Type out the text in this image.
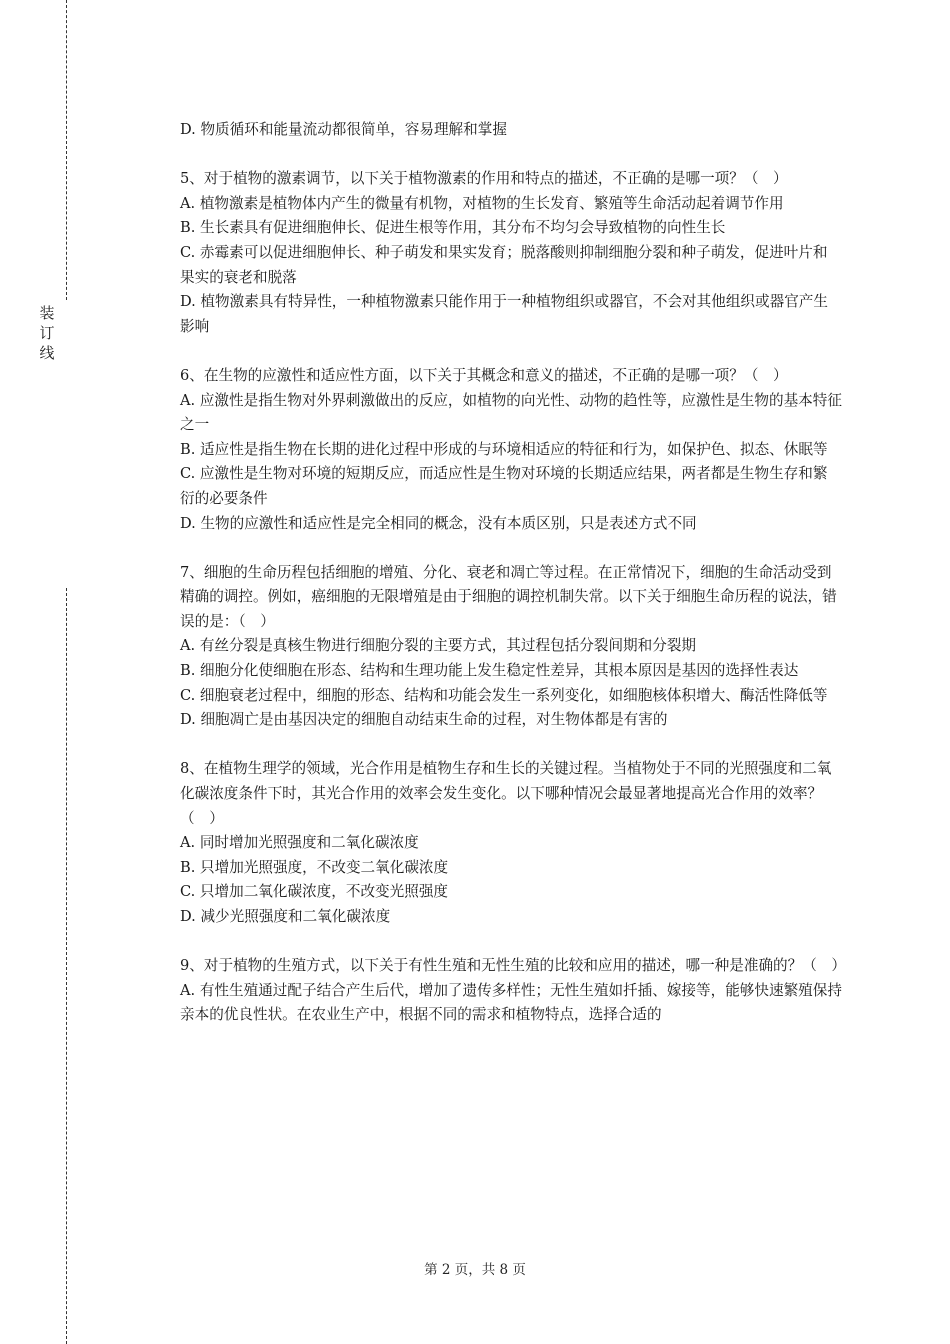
装
订
线

D. 物质循环和能量流动都很简单，容易理解和掌握

5、对于植物的激素调节，以下关于植物激素的作用和特点的描述，不正确的是哪一项？（　）

A. 植物激素是植物体内产生的微量有机物，对植物的生长发育、繁殖等生命活动起着调节作用

B. 生长素具有促进细胞伸长、促进生根等作用，其分布不均匀会导致植物的向性生长

C. 赤霉素可以促进细胞伸长、种子萌发和果实发育；脱落酸则抑制细胞分裂和种子萌发，促进叶片和果实的衰老和脱落

D. 植物激素具有特异性，一种植物激素只能作用于一种植物组织或器官，不会对其他组织或器官产生影响

6、在生物的应激性和适应性方面，以下关于其概念和意义的描述，不正确的是哪一项？（　）

A. 应激性是指生物对外界刺激做出的反应，如植物的向光性、动物的趋性等，应激性是生物的基本特征之一

B. 适应性是指生物在长期的进化过程中形成的与环境相适应的特征和行为，如保护色、拟态、休眠等

C. 应激性是生物对环境的短期反应，而适应性是生物对环境的长期适应结果，两者都是生物生存和繁衍的必要条件

D. 生物的应激性和适应性是完全相同的概念，没有本质区别，只是表述方式不同

7、细胞的生命历程包括细胞的增殖、分化、衰老和凋亡等过程。在正常情况下，细胞的生命活动受到精确的调控。例如，癌细胞的无限增殖是由于细胞的调控机制失常。以下关于细胞生命历程的说法，错误的是：（　）

A. 有丝分裂是真核生物进行细胞分裂的主要方式，其过程包括分裂间期和分裂期

B. 细胞分化使细胞在形态、结构和生理功能上发生稳定性差异，其根本原因是基因的选择性表达

C. 细胞衰老过程中，细胞的形态、结构和功能会发生一系列变化，如细胞核体积增大、酶活性降低等

D. 细胞凋亡是由基因决定的细胞自动结束生命的过程，对生物体都是有害的

8、在植物生理学的领域，光合作用是植物生存和生长的关键过程。当植物处于不同的光照强度和二氧化碳浓度条件下时，其光合作用的效率会发生变化。以下哪种情况会最显著地提高光合作用的效率？（　）

A. 同时增加光照强度和二氧化碳浓度

B. 只增加光照强度，不改变二氧化碳浓度

C. 只增加二氧化碳浓度，不改变光照强度

D. 减少光照强度和二氧化碳浓度

9、对于植物的生殖方式，以下关于有性生殖和无性生殖的比较和应用的描述，哪一种是准确的？（　）

A. 有性生殖通过配子结合产生后代，增加了遗传多样性；无性生殖如扦插、嫁接等，能够快速繁殖保持亲本的优良性状。在农业生产中，根据不同的需求和植物特点，选择合适的

第 2 页，共 8 页
